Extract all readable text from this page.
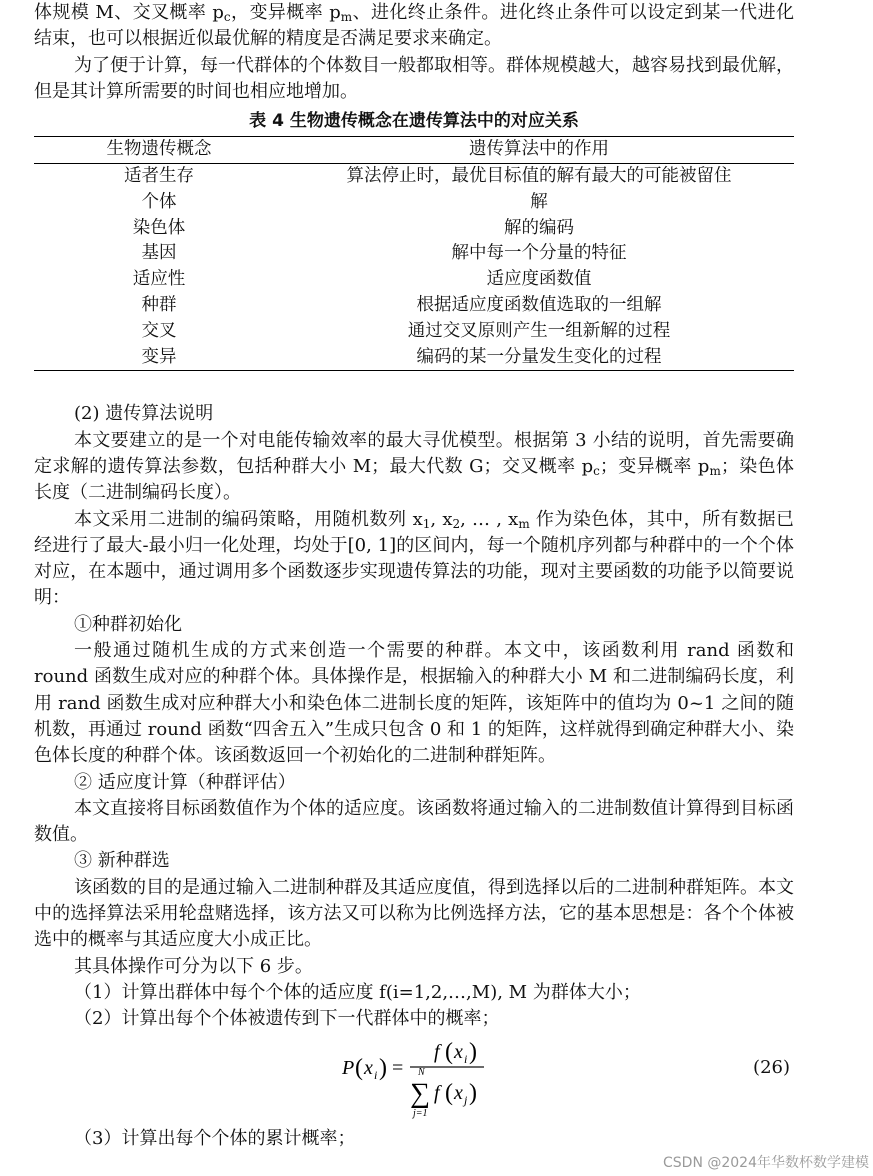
体规模 M、交叉概率 $p_c$，变异概率 $p_m$、进化终止条件。进化终止条件可以设定到某一代进化结束，也可以根据近似最优解的精度是否满足要求来确定。

为了便于计算，每一代群体的个体数目一般都取相等。群体规模越大，越容易找到最优解，但是其计算所需要的时间也相应地增加。

表 4 生物遗传概念在遗传算法中的对应关系
生物遗传概念	遗传算法中的作用
适者生存	算法停止时，最优目标值的解有最大的可能被留住
个体	解
染色体	解的编码
基因	解中每一个分量的特征
适应性	适应度函数值
种群	根据适应度函数值选取的一组解
交叉	通过交叉原则产生一组新解的过程
变异	编码的某一分量发生变化的过程

(2) 遗传算法说明

本文要建立的是一个对电能传输效率的最大寻优模型。根据第 3 小结的说明，首先需要确定求解的遗传算法参数，包括种群大小 M；最大代数 G；交叉概率 $p_c$；变异概率 $p_m$；染色体长度（二进制编码长度）。

本文采用二进制的编码策略，用随机数列 $x_1$, $x_2$, … , $x_m$ 作为染色体，其中，所有数据已经进行了最大-最小归一化处理，均处于[0, 1]的区间内，每一个随机序列都与种群中的一个个体对应，在本题中，通过调用多个函数逐步实现遗传算法的功能，现对主要函数的功能予以简要说明：

①种群初始化

一般通过随机生成的方式来创造一个需要的种群。本文中，该函数利用 rand 函数和 round 函数生成对应的种群个体。具体操作是，根据输入的种群大小 M 和二进制编码长度，利用 rand 函数生成对应种群大小和染色体二进制长度的矩阵，该矩阵中的值均为 0~1 之间的随机数，再通过 round 函数“四舍五入”生成只包含 0 和 1 的矩阵，这样就得到确定种群大小、染色体长度的种群个体。该函数返回一个初始化的二进制种群矩阵。

② 适应度计算（种群评估）

本文直接将目标函数值作为个体的适应度。该函数将通过输入的二进制数值计算得到目标函数值。

③ 新种群选

该函数的目的是通过输入二进制种群及其适应度值，得到选择以后的二进制种群矩阵。本文中的选择算法采用轮盘赌选择，该方法又可以称为比例选择方法，它的基本思想是：各个个体被选中的概率与其适应度大小成正比。

其具体操作可分为以下 6 步。

（1）计算出群体中每个个体的适应度 f(i=1,2,…,M), M 为群体大小；

（2）计算出每个个体被遗传到下一代群体中的概率；

P ( x i ) =
f ( x i )
N
∑
j=1
f ( x j )
(26)

（3）计算出每个个体的累计概率；

CSDN @2024年华数杯数学建模
